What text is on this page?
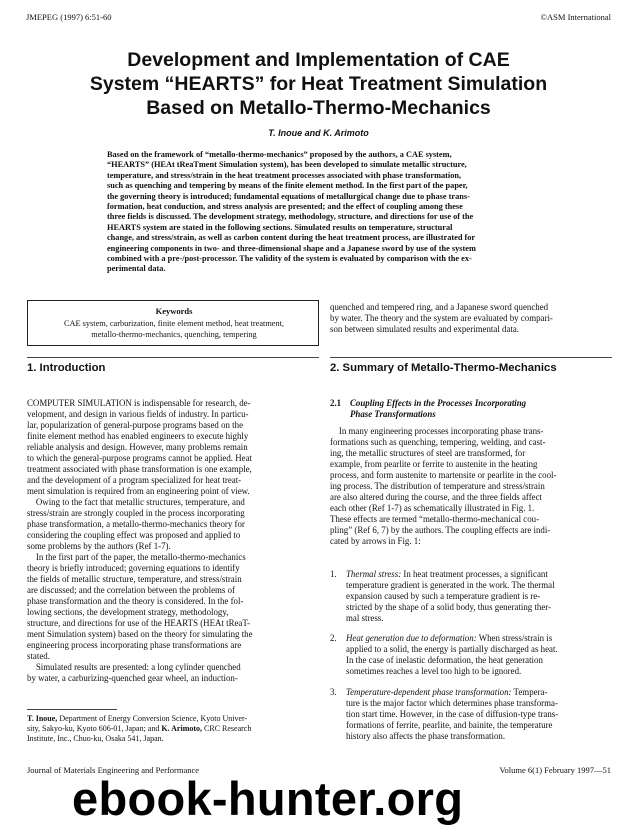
JMEPEG (1997) 6:51-60	©ASM International
Development and Implementation of CAE
System “HEARTS” for Heat Treatment Simulation
Based on Metallo-Thermo-Mechanics
T. Inoue and K. Arimoto
Based on the framework of “metallo-thermo-mechanics” proposed by the authors, a CAE system,
“HEARTS” (HEAt tReaTment Simulation system), has been developed to simulate metallic structure,
temperature, and stress/strain in the heat treatment processes associated with phase transformation,
such as quenching and tempering by means of the finite element method. In the first part of the paper,
the governing theory is introduced; fundamental equations of metallurgical change due to phase trans-
formation, heat conduction, and stress analysis are presented; and the effect of coupling among these
three fields is discussed. The development strategy, methodology, structure, and directions for use of the
HEARTS system are stated in the following sections. Simulated results on temperature, structural
change, and stress/strain, as well as carbon content during the heat treatment process, are illustrated for
engineering components in two- and three-dimensional shape and a Japanese sword by use of the system
combined with a pre-/post-processor. The validity of the system is evaluated by comparison with the ex-
perimental data.
Keywords
CAE system, carburization, finite element method, heat treatment,
metallo-thermo-mechanics, quenching, tempering
1. Introduction
COMPUTER SIMULATION is indispensable for research, de-
velopment, and design in various fields of industry. In particu-
lar, popularization of general-purpose programs based on the
finite element method has enabled engineers to execute highly
reliable analysis and design. However, many problems remain
to which the general-purpose programs cannot be applied. Heat
treatment associated with phase transformation is one example,
and the development of a program specialized for heat treat-
ment simulation is required from an engineering point of view.
Owing to the fact that metallic structures, temperature, and
stress/strain are strongly coupled in the process incorporating
phase transformation, a metallo-thermo-mechanics theory for
considering the coupling effect was proposed and applied to
some problems by the authors (Ref 1-7).
In the first part of the paper, the metallo-thermo-mechanics
theory is briefly introduced; governing equations to identify
the fields of metallic structure, temperature, and stress/strain
are discussed; and the correlation between the problems of
phase transformation and the theory is considered. In the fol-
lowing sections, the development strategy, methodology,
structure, and directions for use of the HEARTS (HEAt tReaT-
ment Simulation system) based on the theory for simulating the
engineering process incorporating phase transformations are
stated.
Simulated results are presented: a long cylinder quenched
by water, a carburizing-quenched gear wheel, an induction-
quenched and tempered ring, and a Japanese sword quenched
by water. The theory and the system are evaluated by compari-
son between simulated results and experimental data.
2. Summary of Metallo-Thermo-Mechanics
2.1	Coupling Effects in the Processes Incorporating
Phase Transformations
In many engineering processes incorporating phase trans-
formations such as quenching, tempering, welding, and cast-
ing, the metallic structures of steel are transformed, for
example, from pearlite or ferrite to austenite in the heating
process, and form austenite to martensite or pearlite in the cool-
ing process. The distribution of temperature and stress/strain
are also altered during the course, and the three fields affect
each other (Ref 1-7) as schematically illustrated in Fig. 1.
These effects are termed “metallo-thermo-mechanical cou-
pling” (Ref 6, 7) by the authors. The coupling effects are indi-
cated by arrows in Fig. 1:
1. Thermal stress: In heat treatment processes, a significant
temperature gradient is generated in the work. The thermal
expansion caused by such a temperature gradient is re-
stricted by the shape of a solid body, thus generating ther-
mal stress.
2. Heat generation due to deformation: When stress/strain is
applied to a solid, the energy is partially discharged as heat.
In the case of inelastic deformation, the heat generation
sometimes reaches a level too high to be ignored.
3. Temperature-dependent phase transformation: Tempera-
ture is the major factor which determines phase transforma-
tion start time. However, in the case of diffusion-type trans-
formations of ferrite, pearlite, and bainite, the temperature
history also affects the phase transformation.
T. Inoue, Department of Energy Conversion Science, Kyoto Univer-
sity, Sakyo-ku, Kyoto 606-01, Japan; and K. Arimoto, CRC Research
Institute, Inc., Chuo-ku, Osaka 541, Japan.
Journal of Materials Engineering and Performance	Volume 6(1) February 1997—51
ebook-hunter.org
